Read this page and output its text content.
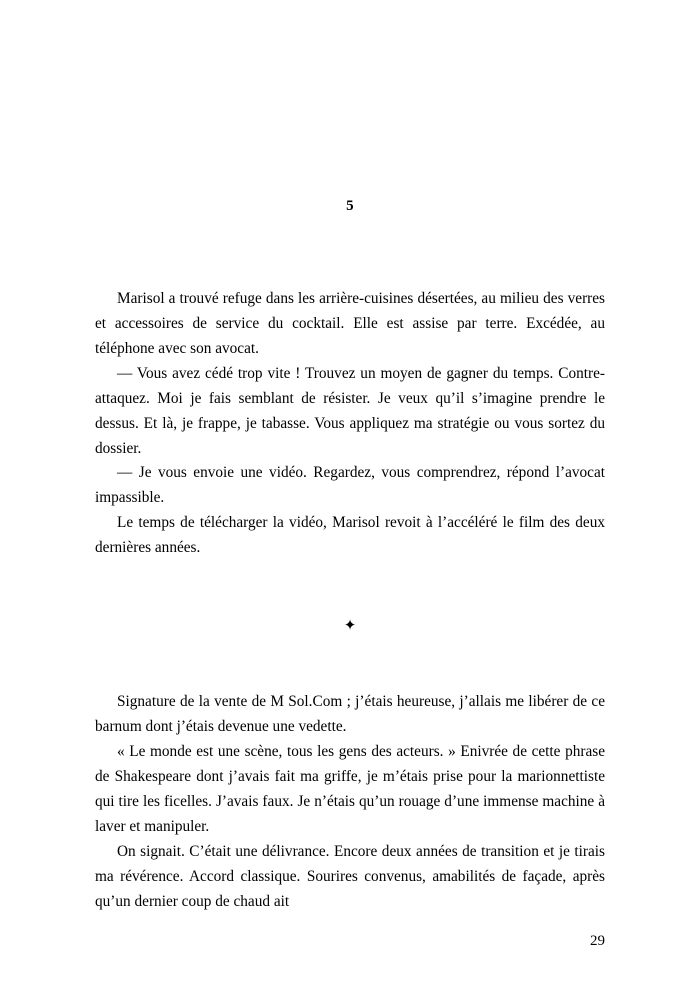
5

Marisol a trouvé refuge dans les arrière-cuisines désertées, au milieu des verres et accessoires de service du cocktail. Elle est assise par terre. Excédée, au téléphone avec son avocat.

— Vous avez cédé trop vite ! Trouvez un moyen de gagner du temps. Contre-attaquez. Moi je fais semblant de résister. Je veux qu’il s’imagine prendre le dessus. Et là, je frappe, je tabasse. Vous appliquez ma stratégie ou vous sortez du dossier.

— Je vous envoie une vidéo. Regardez, vous comprendrez, répond l’avocat impassible.

Le temps de télécharger la vidéo, Marisol revoit à l’accéléré le film des deux dernières années.

✦

Signature de la vente de M Sol.Com ; j’étais heureuse, j’allais me libérer de ce barnum dont j’étais devenue une vedette.

« Le monde est une scène, tous les gens des acteurs. » Enivrée de cette phrase de Shakespeare dont j’avais fait ma griffe, je m’étais prise pour la marionnettiste qui tire les ficelles. J’avais faux. Je n’étais qu’un rouage d’une immense machine à laver et manipuler.

On signait. C’était une délivrance. Encore deux années de transition et je tirais ma révérence. Accord classique. Sourires convenus, amabilités de façade, après qu’un dernier coup de chaud ait

29
